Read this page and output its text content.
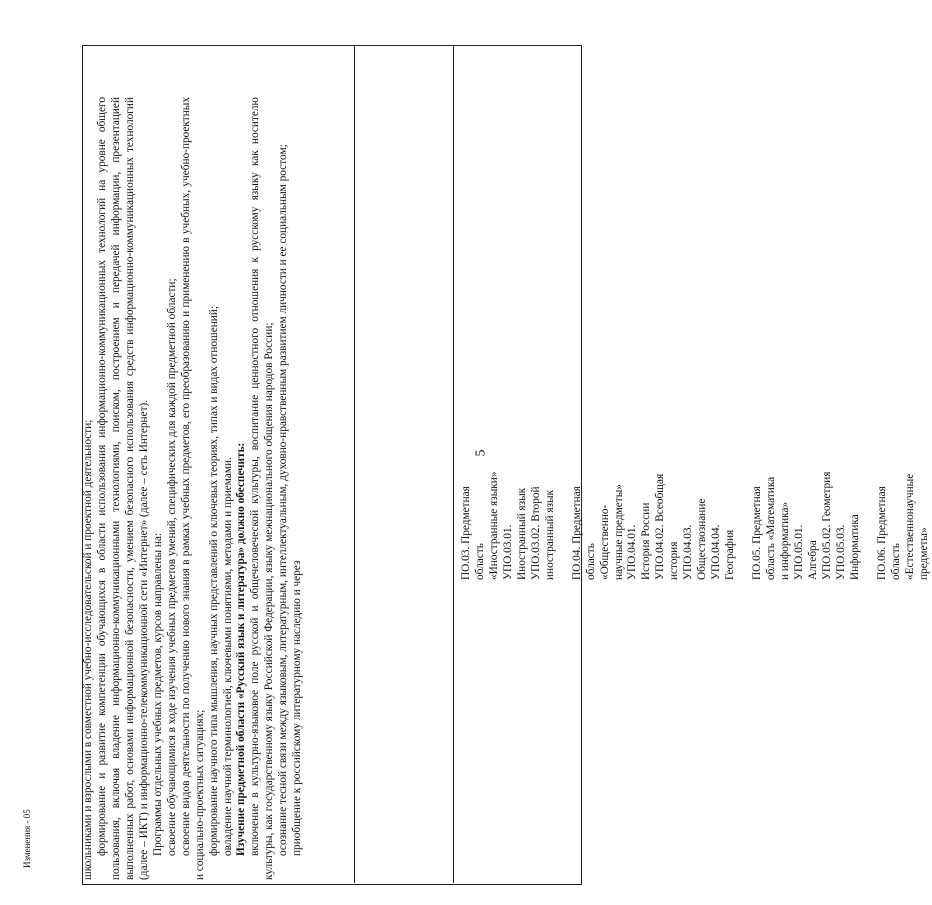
5

школьниками и взрослыми в совместной учебно-исследовательской и проектной деятельности; формирование и развитие компетенции обучающихся в области использования информационно-коммуникационных технологий на уровне общего пользования, включая владение информационно-коммуникационными технологиями, поиском, построением и передачей информации, презентацией выполненных работ, основами информационной безопасности, умением безопасного использования средств информационно-коммуникационных технологий (далее – ИКТ) и информационно-телекоммуникационной сети «Интернет» (далее – сеть Интернет). Программы отдельных учебных предметов, курсов направлены на: освоение обучающимися в ходе изучения учебных предметов умений, специфических для каждой предметной области; освоение видов деятельности по получению нового знания в рамках учебных предметов, его преобразованию и применению в учебных, учебно-проектных и социально-проектных ситуациях; формирование научного типа мышления, научных представлений о ключевых теориях, типах и видах отношений; овладение научной терминологией, ключевыми понятиями, методами и приемами. Изучение предметной области «Русский язык и литература» должно обеспечить: включение в культурно-языковое поле русской и общечеловеческой культуры, воспитание ценностного отношения к русскому языку как носителю культуры, как государственному языку Российской Федерации, языку межнационального общения народов России; осознание тесной связи между языковым, литературным, интеллектуальным, духовно-нравственным развитием личности и ее социальным ростом; приобщение к российскому литературному наследию и через

ПО.03. Предметная область «Иностранные языки» УПО.03.01. Иностранный язык УПО.03.02. Второй иностранный язык ПО.04. Предметная область «Общественно- научные предметы» УПО.04.01. История России УПО.04.02. Всеобщая история УПО.04.03. Обществознание УПО.04.04. География ПО.05. Предметная область «Математика и информатика» УПО.05.01. Алгебра УПО.05.02. Геометрия УПО.05.03. Информатика ПО.06. Предметная область «Естественнонаучные предметы»

Изменения - 05
